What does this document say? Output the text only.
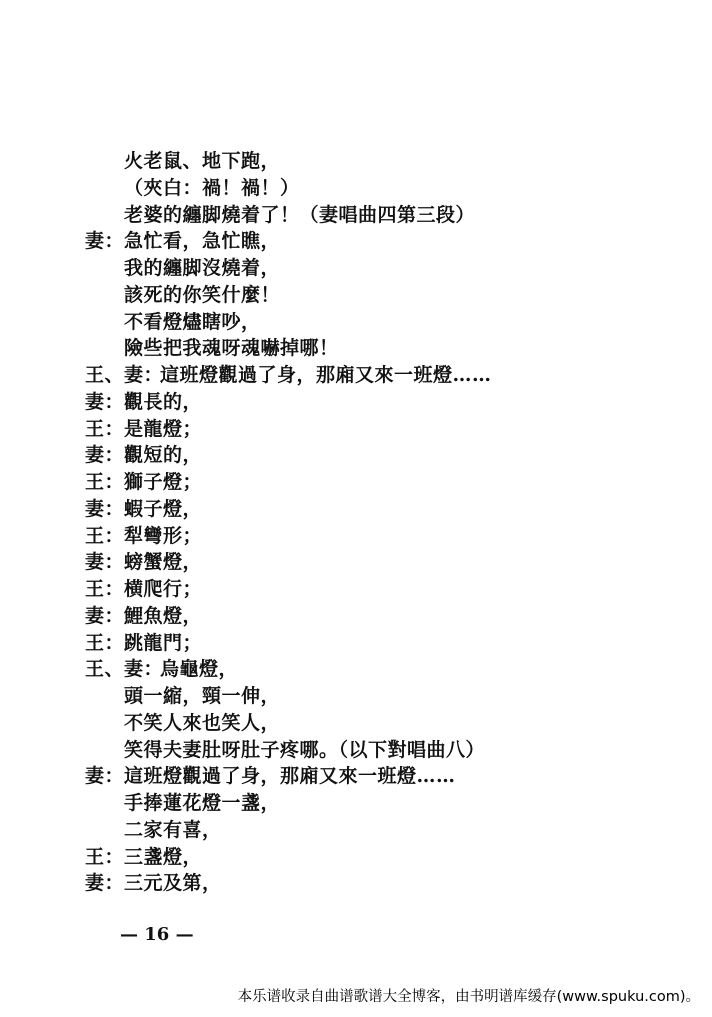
火老鼠、地下跑，
（夾白：禍！禍！）
老婆的纏脚燒着了！（妻唱曲四第三段）
妻： 急忙看，急忙瞧，
我的纏脚沒燒着，
該死的你笑什麼！
不看燈燼瞎吵，
險些把我魂呀魂嚇掉哪！
王、妻：
這班燈觀過了身，那廂又來一班燈……
妻： 觀長的，
王： 是龍燈；
妻： 觀短的，
王： 獅子燈；
妻： 蝦子燈，
王： 犁彎形；
妻： 螃蟹燈，
王： 横爬行；
妻： 鯉魚燈，
王： 跳龍門；
王、妻：
烏龜燈，
頭一縮，頸一伸，
不笑人來也笑人，
笑得夫妻肚呀肚子疼哪。（以下對唱曲八）
妻： 這班燈觀過了身，那廂又來一班燈……
手捧蓮花燈一盞，
二家有喜，
王： 三盞燈，
妻： 三元及第，
— 16 —
本乐谱收录自曲谱歌谱大全博客，由书明谱库缓存(www.spuku.com)。
